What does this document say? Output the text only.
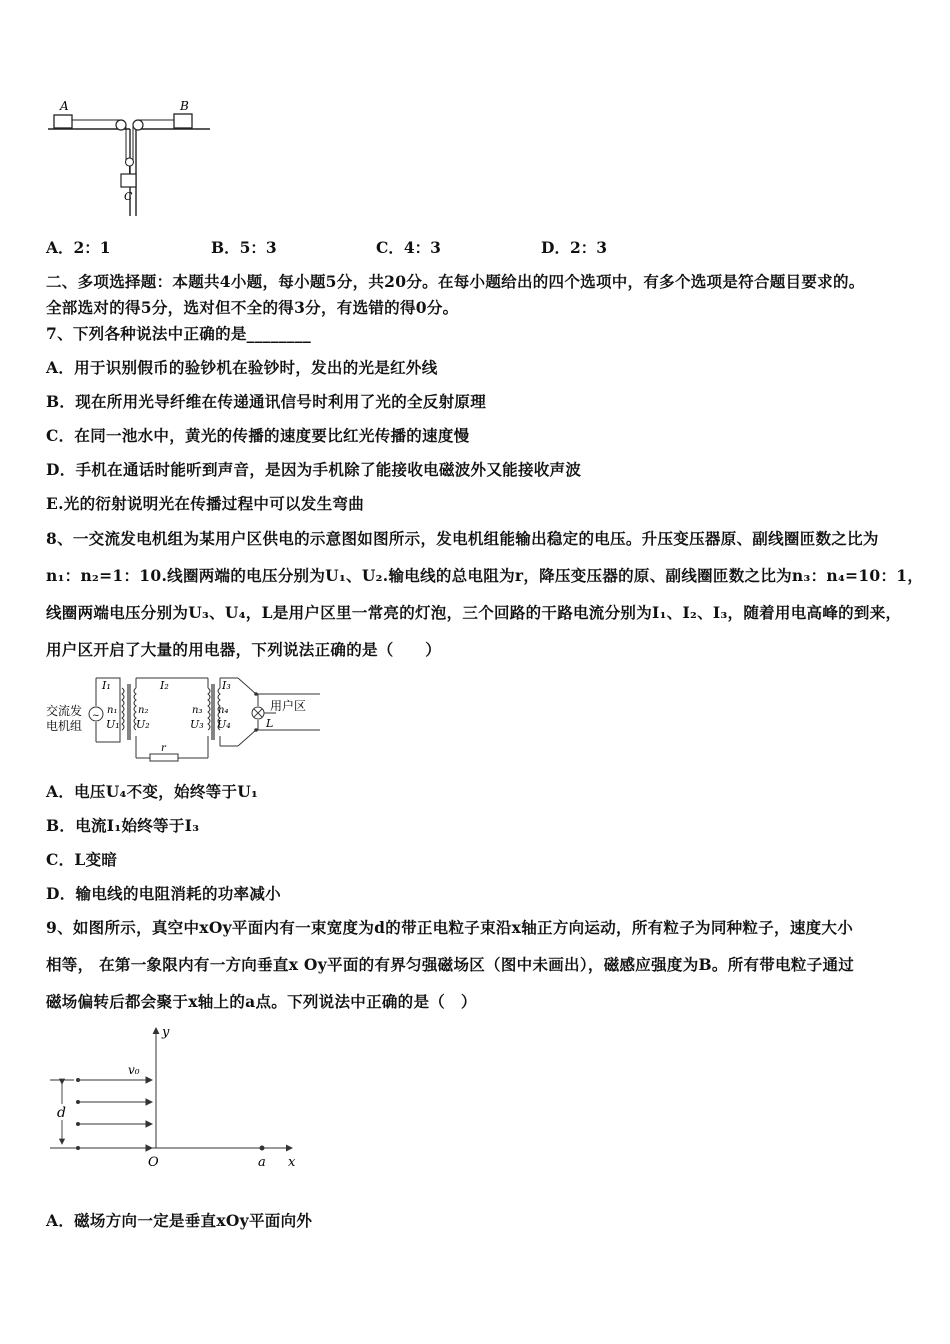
A	B
C
A．2：1	B．5：3	C．4：3	D．2：3
二、多项选择题：本题共4小题，每小题5分，共20分。在每小题给出的四个选项中，有多个选项是符合题目要求的。
全部选对的得5分，选对但不全的得3分，有选错的得0分。
7、下列各种说法中正确的是________
A．用于识别假币的验钞机在验钞时，发出的光是红外线
B．现在所用光导纤维在传递通讯信号时利用了光的全反射原理
C．在同一池水中，黄光的传播的速度要比红光传播的速度慢
D．手机在通话时能听到声音，是因为手机除了能接收电磁波外又能接收声波
E.光的衍射说明光在传播过程中可以发生弯曲
8、一交流发电机组为某用户区供电的示意图如图所示，发电机组能输出稳定的电压。升压变压器原、副线圈匝数之比为
n₁：n₂=1：10.线圈两端的电压分别为U₁、U₂.输电线的总电阻为r，降压变压器的原、副线圈匝数之比为n₃：n₄=10：1，
线圈两端电压分别为U₃、U₄，L是用户区里一常亮的灯泡，三个回路的干路电流分别为I₁、I₂、I₃，随着用电高峰的到来，
用户区开启了大量的用电器，下列说法正确的是（　　）
交流发
电机组
~
I₁
n₁
U₁
n₂
U₂
r
I₂
n₃
U₃
n₄
U₄
I₃
用户区
L
A．电压U₄不变，始终等于U₁
B．电流I₁始终等于I₃
C．L变暗
D．输电线的电阻消耗的功率减小
9、如图所示，真空中xOy平面内有一束宽度为d的带正电粒子束沿x轴正方向运动，所有粒子为同种粒子，速度大小
相等， 在第一象限内有一方向垂直x Oy平面的有界匀强磁场区（图中未画出），磁感应强度为B。所有带电粒子通过
磁场偏转后都会聚于x轴上的a点。下列说法中正确的是（　）
y
x
O	a
v₀
d
A．磁场方向一定是垂直xOy平面向外
